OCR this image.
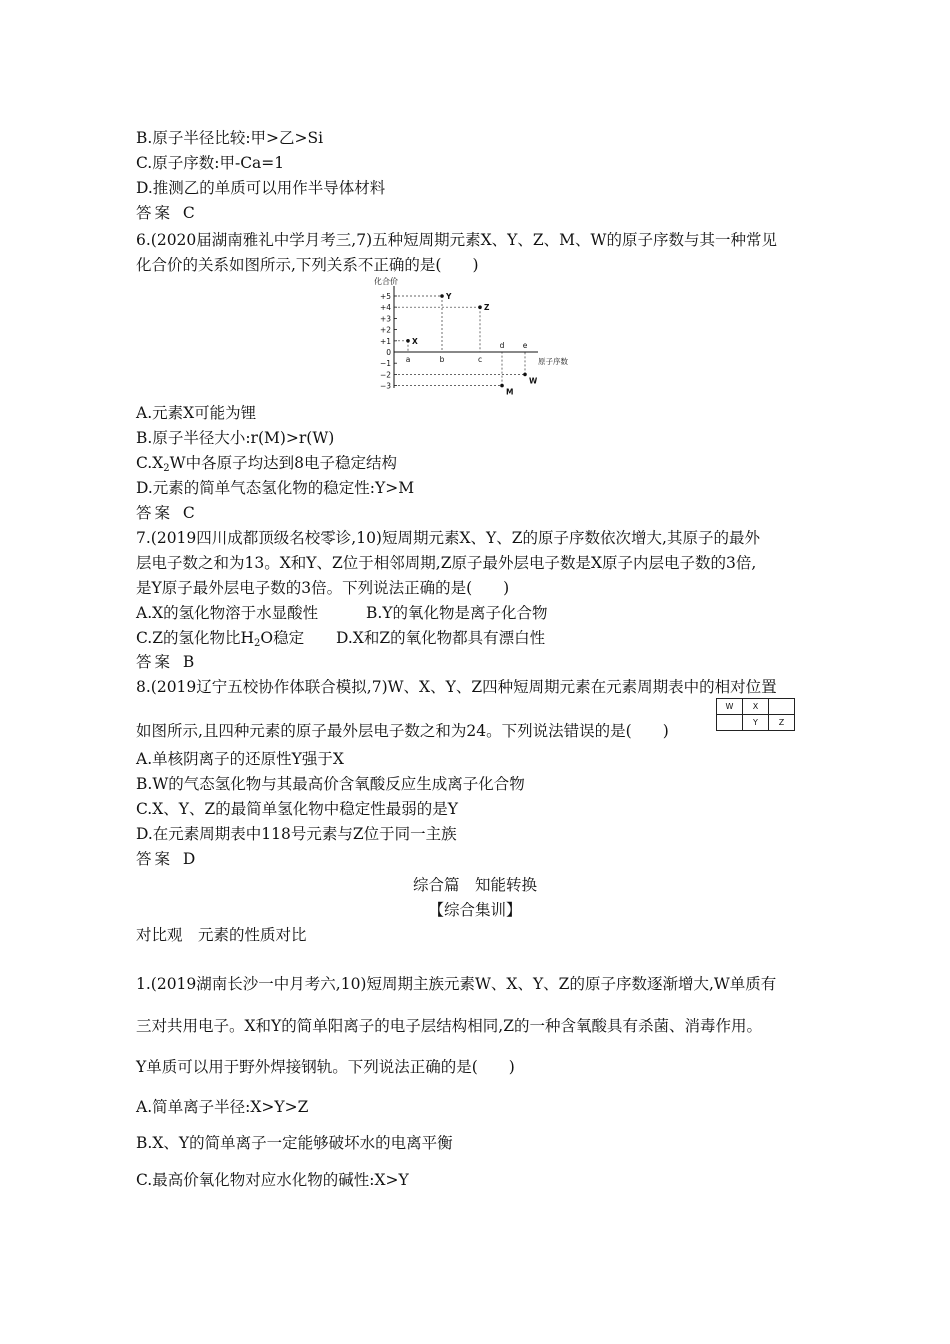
B.原子半径比较:甲>乙>Si
C.原子序数:甲-Ca=1
D.推测乙的单质可以用作半导体材料
答案 C
6.(2020届湖南雅礼中学月考三,7)五种短周期元素X、Y、Z、M、W的原子序数与其一种常见
化合价的关系如图所示,下列关系不正确的是(　　)
化合价
原子序数
+5
+4
+3
+2
+1
0
−1
−2
−3
a	b	c
d e
X
Y
Z
M
W
A.元素X可能为锂
B.原子半径大小:r(M)>r(W)
$C.X_2W$中各原子均达到8电子稳定结构
D.元素的简单气态氢化物的稳定性:Y>M
答案 C
7.(2019四川成都顶级名校零诊,10)短周期元素X、Y、Z的原子序数依次增大,其原子的最外
层电子数之和为13。X和Y、Z位于相邻周期,Z原子最外层电子数是X原子内层电子数的3倍,
是Y原子最外层电子数的3倍。下列说法正确的是(　　)
A.X的氢化物溶于水显酸性	B.Y的氧化物是离子化合物
C.Z的氢化物比$H_2O$稳定 D.X和Z的氧化物都具有漂白性
答案 B
8.(2019辽宁五校协作体联合模拟,7)W、X、Y、Z四种短周期元素在元素周期表中的相对位置
W	X	
	Y	Z
如图所示,且四种元素的原子最外层电子数之和为24。下列说法错误的是(　　)
A.单核阴离子的还原性Y强于X
B.W的气态氢化物与其最高价含氧酸反应生成离子化合物
C.X、Y、Z的最简单氢化物中稳定性最弱的是Y
D.在元素周期表中118号元素与Z位于同一主族
答案 D
综合篇　知能转换
【综合集训】
对比观　元素的性质对比
1.(2019湖南长沙一中月考六,10)短周期主族元素W、X、Y、Z的原子序数逐渐增大,W单质有
三对共用电子。X和Y的简单阳离子的电子层结构相同,Z的一种含氧酸具有杀菌、消毒作用。
Y单质可以用于野外焊接钢轨。下列说法正确的是(　　)
A.简单离子半径:X>Y>Z
B.X、Y的简单离子一定能够破坏水的电离平衡
C.最高价氧化物对应水化物的碱性:X>Y
